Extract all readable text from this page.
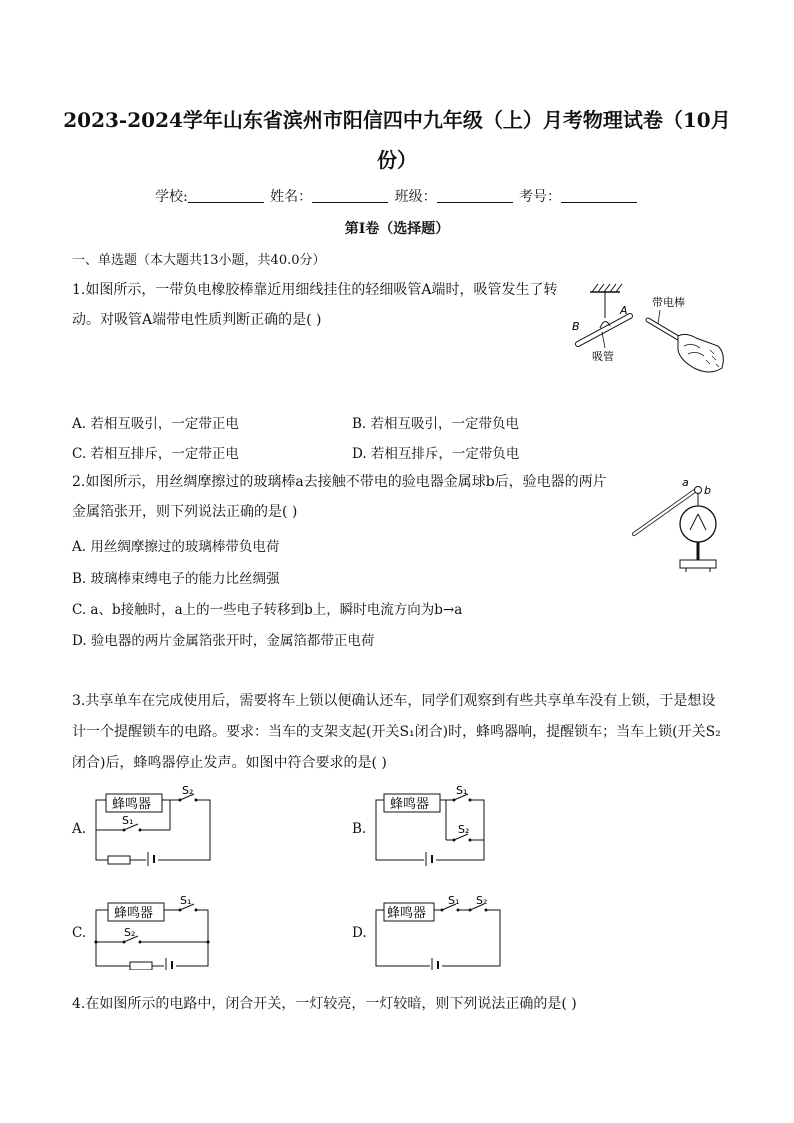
2023-2024学年山东省滨州市阳信四中九年级（上）月考物理试卷（10月份）
学校:	姓名：	班级：	考号：
第Ⅰ卷（选择题）
一、单选题（本大题共13小题，共40.0分）
1.如图所示，一带负电橡胶棒靠近用细线挂住的轻细吸管A端时，吸管发生了转
动。对吸管A端带电性质判断正确的是( )
A
B
吸管
带电棒
A. 若相互吸引，一定带正电	B. 若相互吸引，一定带负电
C. 若相互排斥，一定带正电	D. 若相互排斥，一定带负电
2.如图所示，用丝绸摩擦过的玻璃棒a去接触不带电的验电器金属球b后，验电器的两片
金属箔张开，则下列说法正确的是( )
a
b
A. 用丝绸摩擦过的玻璃棒带负电荷
B. 玻璃棒束缚电子的能力比丝绸强
C. a、b接触时，a上的一些电子转移到b上，瞬时电流方向为b→a
D. 验电器的两片金属箔张开时，金属箔都带正电荷
3.共享单车在完成使用后，需要将车上锁以便确认还车，同学们观察到有些共享单车没有上锁，于是想设
计一个提醒锁车的电路。要求：当车的支架支起(开关S₁闭合)时，蜂鸣器响，提醒锁车；当车上锁(开关S₂
闭合)后，蜂鸣器停止发声。如图中符合要求的是( )
A.
蜂鸣器
S₂
S₁
B.
蜂鸣器
S₁
S₂
C.
蜂鸣器
S₁
S₂	D.
蜂鸣器
S₁ S₂
4.在如图所示的电路中，闭合开关，一灯较亮，一灯较暗，则下列说法正确的是( )
